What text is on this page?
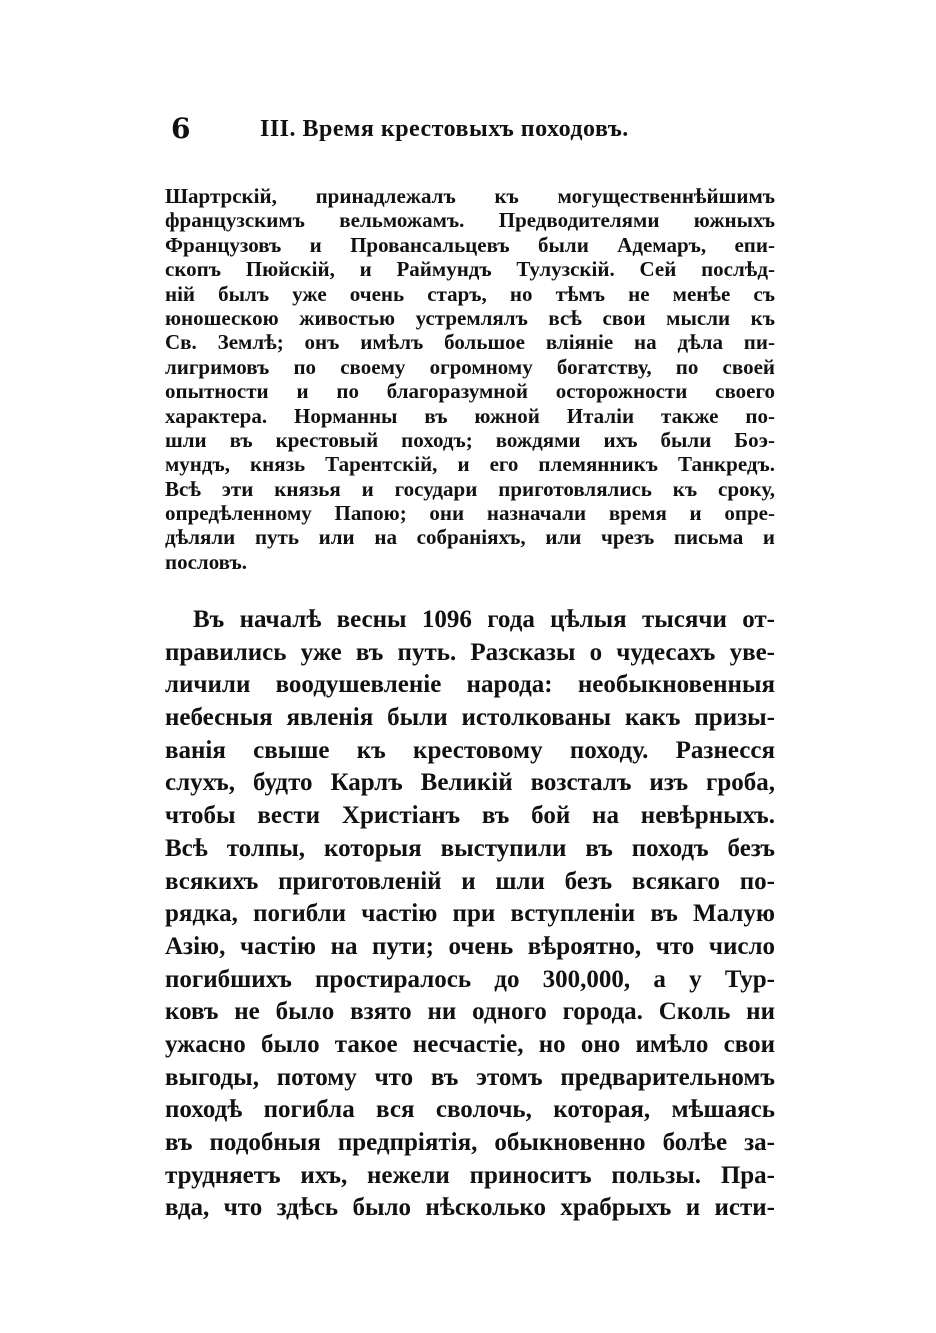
6	III. Время крестовыхъ походовъ.
Шартрскій, принадлежалъ къ могущественнѣйшимъ
французскимъ вельможамъ. Предводителями южныхъ
Французовъ и Провансальцевъ были Адемаръ, епи-
скопъ Пюйскій, и Раймундъ Тулузскій. Сей послѣд-
ній былъ уже очень старъ, но тѣмъ не менѣе съ
юношескою живостью устремлялъ всѣ свои мысли къ
Св. Землѣ; онъ имѣлъ большое вліяніе на дѣла пи-
лигримовъ по своему огромному богатству, по своей
опытности и по благоразумной осторожности своего
характера. Норманны въ южной Италіи также по-
шли въ крестовый походъ; вождями ихъ были Боэ-
мундъ, князь Тарентскій, и его племянникъ Танкредъ.
Всѣ эти князья и государи приготовлялись къ сроку,
опредѣленному Папою; они назначали время и опре-
дѣляли путь или на собраніяхъ, или чрезъ письма и
пословъ.
Въ началѣ весны 1096 года цѣлыя тысячи от-
правились уже въ путь. Разсказы о чудесахъ уве-
личили воодушевленіе народа: необыкновенныя
небесныя явленія были истолкованы какъ призы-
ванія свыше къ крестовому походу. Разнесся
слухъ, будто Карлъ Великій возсталъ изъ гроба,
чтобы вести Христіанъ въ бой на невѣрныхъ.
Всѣ толпы, которыя выступили въ походъ безъ
всякихъ приготовленій и шли безъ всякаго по-
рядка, погибли частію при вступленіи въ Малую
Азію, частію на пути; очень вѣроятно, что число
погибшихъ простиралось до 300,000, а у Тур-
ковъ не было взято ни одного города. Сколь ни
ужасно было такое несчастіе, но оно имѣло свои
выгоды, потому что въ этомъ предварительномъ
походѣ погибла вся сволочь, которая, мѣшаясь
въ подобныя предпріятія, обыкновенно болѣе за-
трудняетъ ихъ, нежели приноситъ пользы. Пра-
вда, что здѣсь было нѣсколько храбрыхъ и исти-
